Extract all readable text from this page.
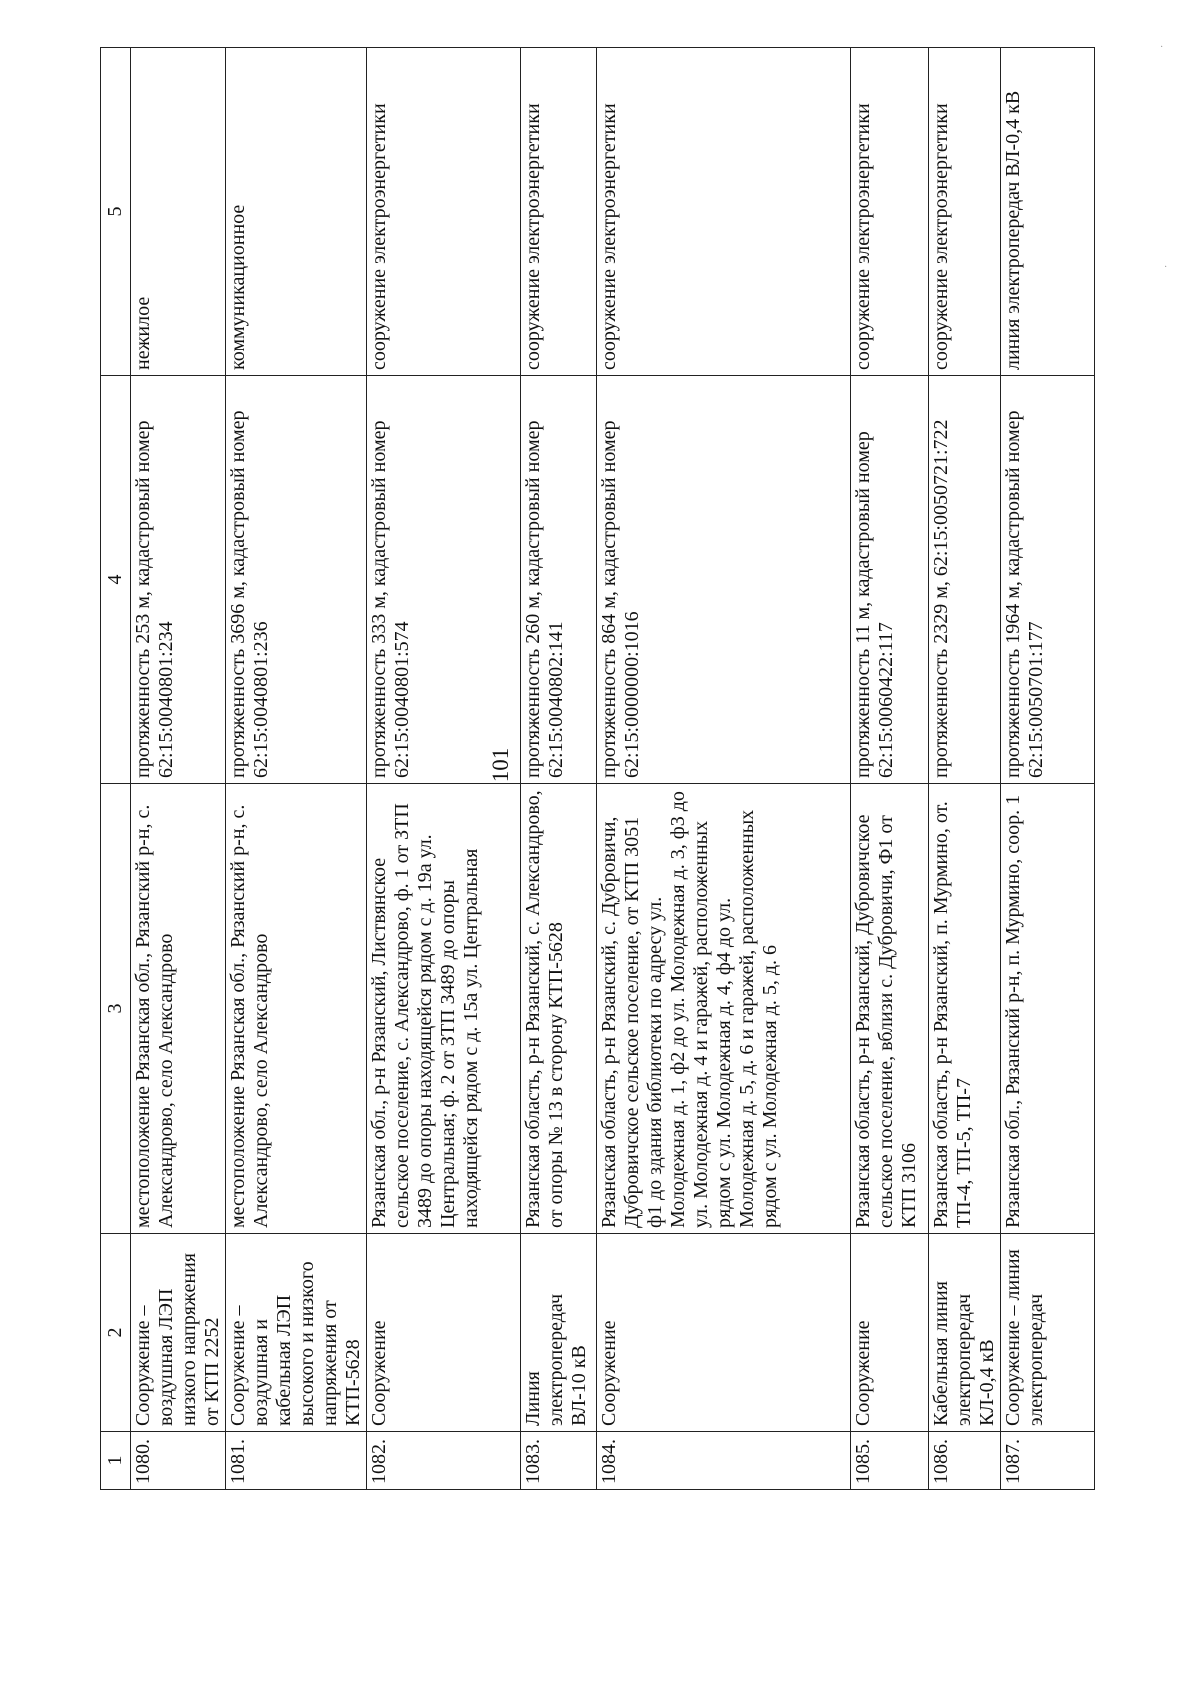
101
1	2	3	4	5
1080.	Сооружение – воздушная ЛЭП низкого напряжения от КТП 2252	местоположение Рязанская обл., Рязанский р-н, с. Александрово, село Александрово	протяженность 253 м, кадастровый номер 62:15:0040801:234	нежилое
1081.	Сооружение – воздушная и кабельная ЛЭП высокого и низкого напряжения от КТП-5628	местоположение Рязанская обл., Рязанский р-н, с. Александрово, село Александрово	протяженность 3696 м, кадастровый номер 62:15:0040801:236	коммуникационное
1082.	Сооружение	Рязанская обл., р-н Рязанский, Листвянское сельское поселение, с. Александрово, ф. 1 от ЗТП 3489 до опоры находящейся рядом с д. 19а ул. Центральная; ф. 2 от ЗТП 3489 до опоры находящейся рядом с д. 15а ул. Центральная	протяженность 333 м, кадастровый номер 62:15:0040801:574	сооружение электроэнергетики
1083.	Линия электропередач ВЛ-10 кВ	Рязанская область, р-н Рязанский, с. Александрово, от опоры № 13 в сторону КТП-5628	протяженность 260 м, кадастровый номер 62:15:0040802:141	сооружение электроэнергетики
1084.	Сооружение	Рязанская область, р-н Рязанский, с. Дубровичи, Дубровичское сельское поселение, от КТП 3051 ф1 до здания библиотеки по адресу ул. Молодежная д. 1, ф2 до ул. Молодежная д. 3, ф3 до ул. Молодежная д. 4 и гаражей, расположенных рядом с ул. Молодежная д. 4, ф4 до ул. Молодежная д. 5, д. 6 и гаражей, расположенных рядом с ул. Молодежная д. 5, д. 6	протяженность 864 м, кадастровый номер 62:15:0000000:1016	сооружение электроэнергетики
1085.	Сооружение	Рязанская область, р-н Рязанский, Дубровичское сельское поселение, вблизи с. Дубровичи, Ф1 от КТП 3106	протяженность 11 м, кадастровый номер 62:15:0060422:117	сооружение электроэнергетики
1086.	Кабельная линия электропередач КЛ-0,4 кВ	Рязанская область, р-н Рязанский, п. Мурмино, от. ТП-4, ТП-5, ТП-7	протяженность 2329 м, 62:15:0050721:722	сооружение электроэнергетики
1087.	Сооружение – линия электропередач	Рязанская обл., Рязанский р-н, п. Мурмино, соор. 1	протяженность 1964 м, кадастровый номер 62:15:0050701:177	линия электропередач ВЛ-0,4 кВ
·
·
